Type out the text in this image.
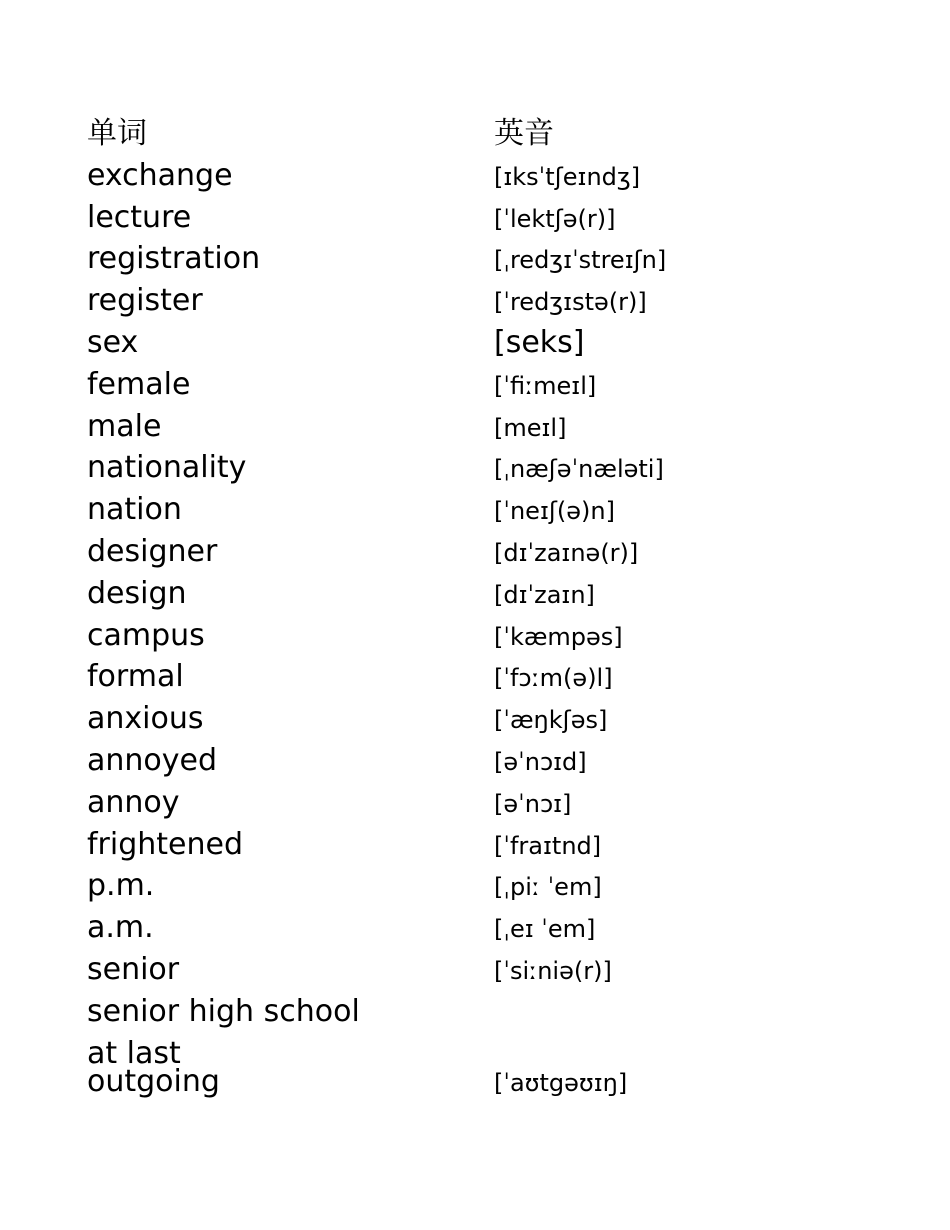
单词	英音
exchange	[ɪksˈtʃeɪndʒ]
lecture	[ˈlektʃə(r)]
registration	[ˌredʒɪˈstreɪʃn]
register	[ˈredʒɪstə(r)]
sex	[seks]
female	[ˈfiːmeɪl]
male	[meɪl]
nationality	[ˌnæʃəˈnæləti]
nation	[ˈneɪʃ(ə)n]
designer	[dɪˈzaɪnə(r)]
design	[dɪˈzaɪn]
campus	[ˈkæmpəs]
formal	[ˈfɔːm(ə)l]
anxious	[ˈæŋkʃəs]
annoyed	[əˈnɔɪd]
annoy	[əˈnɔɪ]
frightened	[ˈfraɪtnd]
p.m.	[ˌpiː ˈem]
a.m.	[ˌeɪ ˈem]
senior	[ˈsiːniə(r)]
senior high school
at last
outgoing	[ˈaʊtgəʊɪŋ]
